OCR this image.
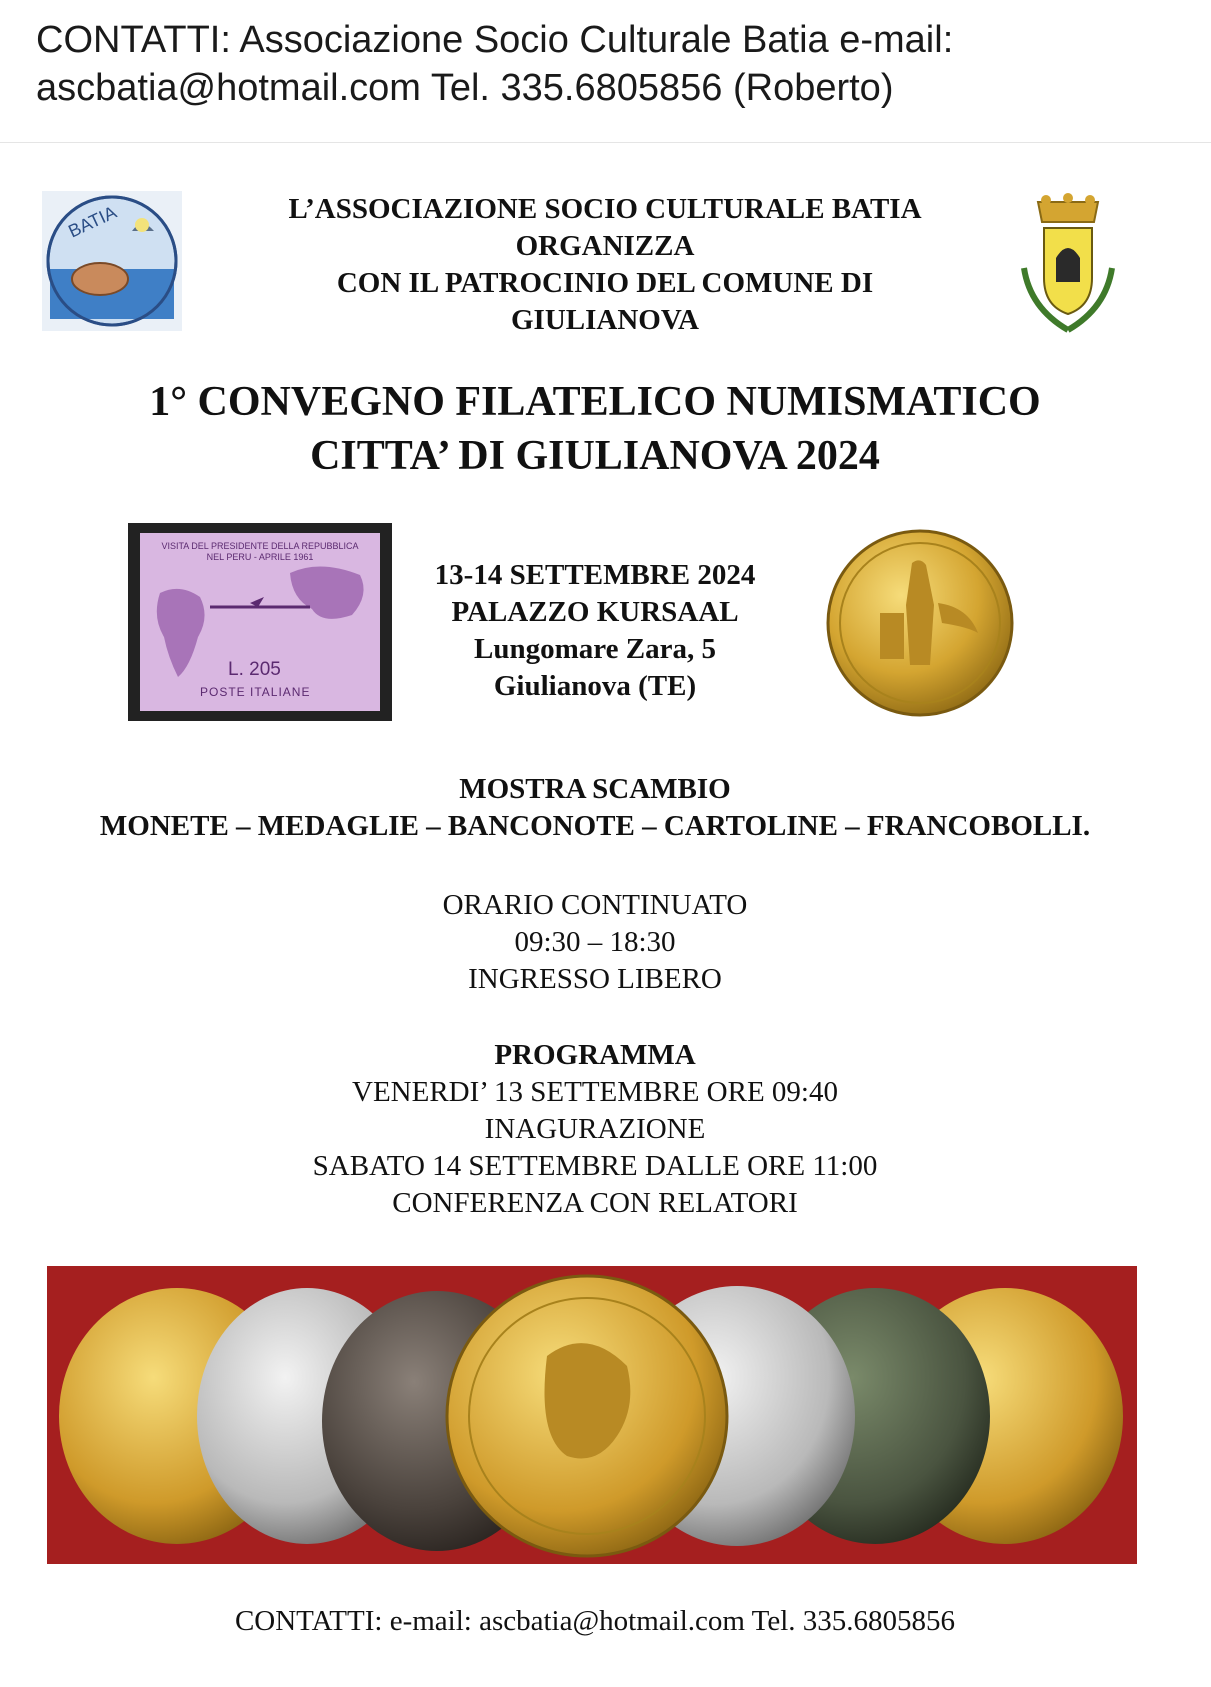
CONTATTI: Associazione Socio Culturale Batia e-mail:
ascbatia@hotmail.com Tel. 335.6805856 (Roberto)
BATIA	L’ASSOCIAZIONE SOCIO CULTURALE BATIA
ORGANIZZA
CON IL PATROCINIO DEL COMUNE DI
GIULIANOVA
1° CONVEGNO FILATELICO NUMISMATICO
CITTA’ DI GIULIANOVA 2024
VISITA DEL PRESIDENTE DELLA REPUBBLICA
NEL PERU - APRILE 1961
L. 205
POSTE ITALIANE
13-14 SETTEMBRE 2024
PALAZZO KURSAAL
Lungomare Zara, 5
Giulianova (TE)
MOSTRA SCAMBIO
MONETE – MEDAGLIE – BANCONOTE – CARTOLINE – FRANCOBOLLI.
ORARIO CONTINUATO
09:30 – 18:30
INGRESSO LIBERO
PROGRAMMA
VENERDI’ 13 SETTEMBRE ORE 09:40
INAGURAZIONE
SABATO 14 SETTEMBRE DALLE ORE 11:00
CONFERENZA CON RELATORI
CONTATTI: e-mail: ascbatia@hotmail.com Tel. 335.6805856
